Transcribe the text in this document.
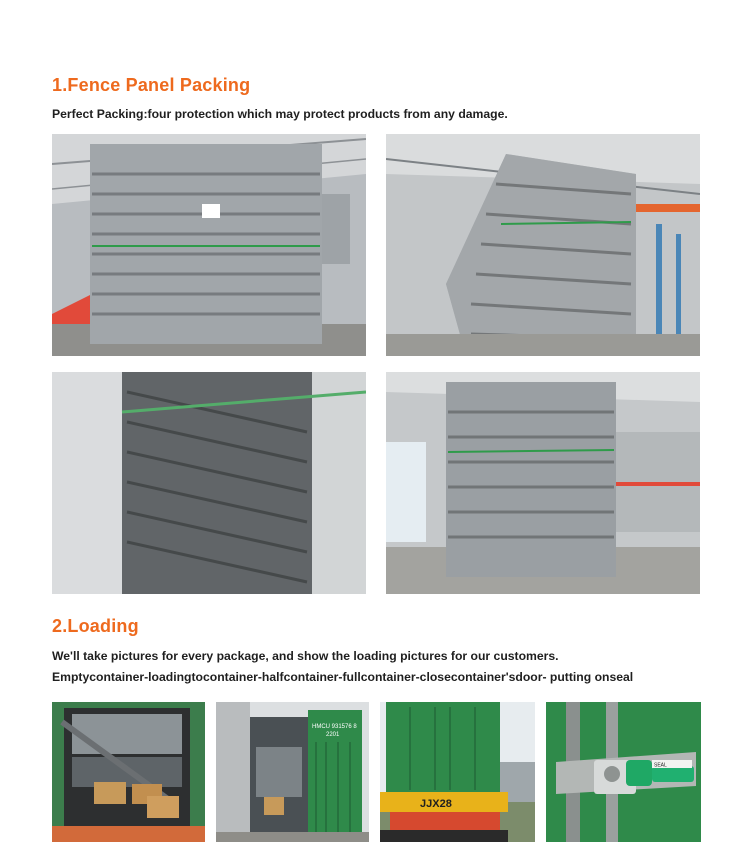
1.Fence Panel Packing

Perfect Packing:four protection which may protect products from any damage.

2.Loading

We'll take pictures for every package, and show the loading pictures for our customers.

Emptycontainer-loadingtocontainer-halfcontainer-fullcontainer-closecontainer'sdoor- putting onseal

HMCU 931576 8
2201
JJX28
SEAL
